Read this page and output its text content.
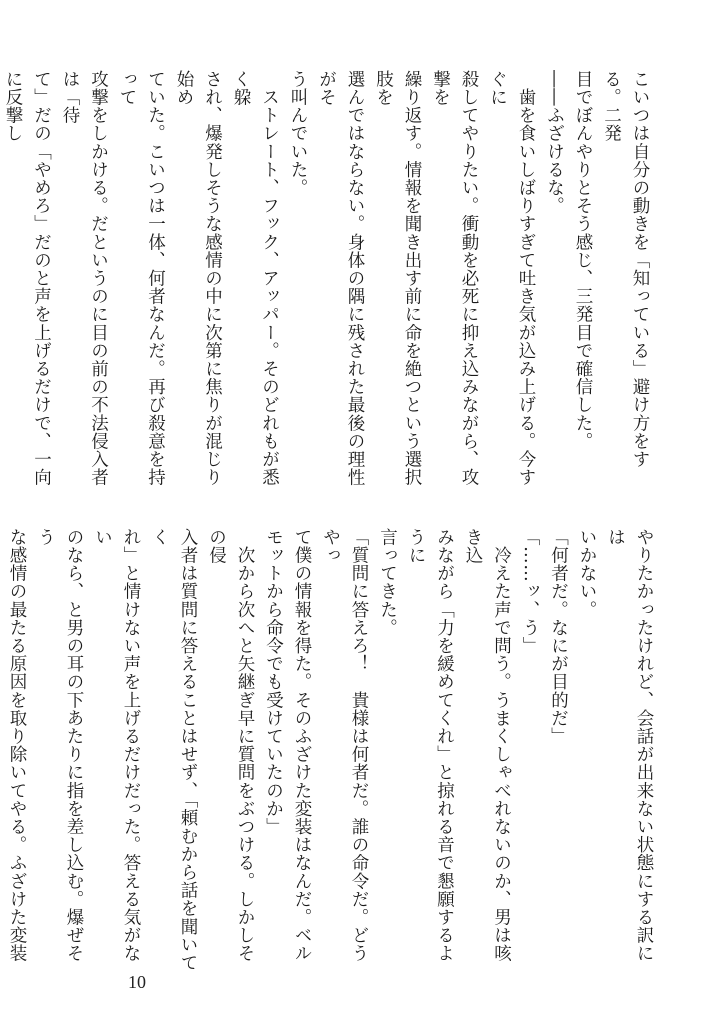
こいつは自分の動きを「知っている」避け方をする。二発

目でぼんやりとそう感じ、三発目で確信した。

――ふざけるな。

　歯を食いしばりすぎて吐き気が込み上げる。今すぐに

殺してやりたい。衝動を必死に抑え込みながら、攻撃を

繰り返す。情報を聞き出す前に命を絶つという選択肢を

選んではならない。身体の隅に残された最後の理性がそ

う叫んでいた。

　ストレート、フック、アッパー。そのどれもが悉く躱

され、爆発しそうな感情の中に次第に焦りが混じり始め

ていた。こいつは一体、何者なんだ。再び殺意を持って

攻撃をしかける。だというのに目の前の不法侵入者は「待

て」だの「やめろ」だのと声を上げるだけで、一向に反撃し

やりたかったけれど、会話が出来ない状態にする訳には

いかない。

「何者だ。なにが目的だ」

「……ッ、う」

　冷えた声で問う。うまくしゃべれないのか、男は咳き込

みながら「力を緩めてくれ」と掠れる音で懇願するように

言ってきた。

「質問に答えろ！　貴様は何者だ。誰の命令だ。どうやっ

て僕の情報を得た。そのふざけた変装はなんだ。ベル

モットから命令でも受けていたのか」

　次から次へと矢継ぎ早に質問をぶつける。しかしその侵

入者は質問に答えることはせず、「頼むから話を聞いてく

れ」と情けない声を上げるだけだった。答える気がない

のなら、と男の耳の下あたりに指を差し込む。爆ぜそう

な感情の最たる原因を取り除いてやる。ふざけた変装

10
